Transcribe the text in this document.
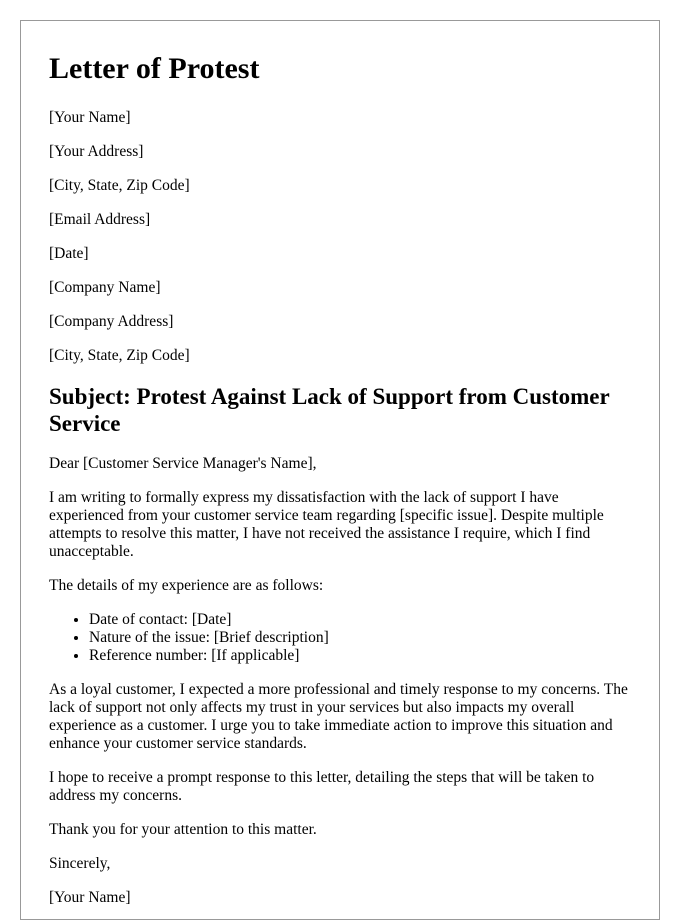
Letter of Protest
[Your Name]
[Your Address]
[City, State, Zip Code]
[Email Address]
[Date]
[Company Name]
[Company Address]
[City, State, Zip Code]
Subject: Protest Against Lack of Support from Customer Service

Dear [Customer Service Manager's Name],

I am writing to formally express my dissatisfaction with the lack of support I have experienced from your customer service team regarding [specific issue]. Despite multiple attempts to resolve this matter, I have not received the assistance I require, which I find unacceptable.

The details of my experience are as follows:

• Date of contact: [Date]
• Nature of the issue: [Brief description]
• Reference number: [If applicable]

As a loyal customer, I expected a more professional and timely response to my concerns. The lack of support not only affects my trust in your services but also impacts my overall experience as a customer. I urge you to take immediate action to improve this situation and enhance your customer service standards.

I hope to receive a prompt response to this letter, detailing the steps that will be taken to address my concerns.

Thank you for your attention to this matter.

Sincerely,

[Your Name]
